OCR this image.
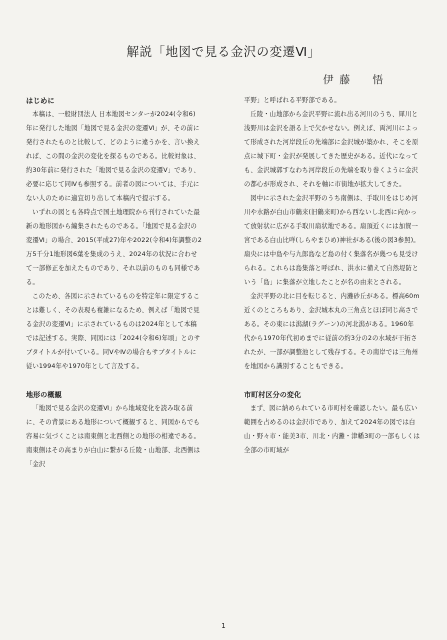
解説「地図で見る金沢の変遷Ⅵ」
伊藤　悟
はじめに

本稿は、一般財団法人 日本地図センターが2024(令和6)年に発行した地図「地図で見る金沢の変遷Ⅵ」が、その前に発行されたものと比較して、どのように違うかを、言い換えれば、この間の金沢の変化を探るものである。比較対象は、約30年前に発行された「地図で見る金沢の変遷Ⅴ」であり、必要に応じて同Ⅳも参照する。前者の図については、手元にない人のために適宜切り出して本稿内で提示する。

いずれの図とも各時点で国土地理院から刊行されていた最新の地形図から編集されたものである。「地図で見る金沢の変遷Ⅵ」の場合、2015(平成27)年や2022(令和4)年調整の2万5千分1地形図6葉を集成のうえ、2024年の状況に合わせて一部修正を加えたものであり、それ以前のものも同様である。

このため、各図に示されているものを特定年に限定することは難しく、その表現も複雑になるため、例えば「地図で見る金沢の変遷Ⅵ」に示されているものは2024年として本稿では記述する。実際、同図には「2024(令和6)年頃」とのサブタイトルが付いている。同ⅤやⅣの場合もサブタイトルに従い1994年や1970年として言及する。

地形の概観

「地図で見る金沢の変遷Ⅵ」から地域変化を読み取る前に、その背景にある地形について概観すると、同図からでも容易に気づくことは南東側と北西側との地形の相違である。南東側はその高まりが白山に繋がる丘陵・山地部、北西側は「金沢

平野」と呼ばれる平野部である。

丘陵・山地部から金沢平野に流れ出る河川のうち、犀川と浅野川は金沢を語る上で欠かせない。例えば、両河川によって形成された河岸段丘の先端部に金沢城が築かれ、そこを原点に城下町・金沢が発展してきた歴史がある。近代になっても、金沢城郭すなわち河岸段丘の先端を取り巻くように金沢の都心が形成され、それを軸に市街地が拡大してきた。

図中に示された金沢平野のうち南側は、手取川をはじめ河川や水路が白山市鶴来(旧鶴来町)から西ないし北西に向かって放射状に広がる手取川扇状地である。扇頂近くには加賀一宮である白山比咩(しらやまひめ)神社がある(後の図3参照)。扇央には中島や与九郎島など島の付く集落名が幾つも見受けられる。これらは島集落と呼ばれ、洪水に備えて自然堤防という「島」に集落が立地したことが名の由来とされる。

金沢平野の北に目を転じると、内灘砂丘がある。標高60m近くのところもあり、金沢城本丸の三角点とほぼ同じ高さである。その東には潟湖(ラグーン)の河北潟がある。1960年代から1970年代初めまでに従前の約3分の2の水域が干拓されたが、一部が調整池として残存する。その南岸では三角州を地図から識別することもできる。

市町村区分の変化

まず、図に納められている市町村を確認したい。最も広い範囲を占めるのは金沢市であり、加えて2024年の図では白山・野々市・能美3市、川北・内灘・津幡3町の一部もしくは全部の市町域が

1
